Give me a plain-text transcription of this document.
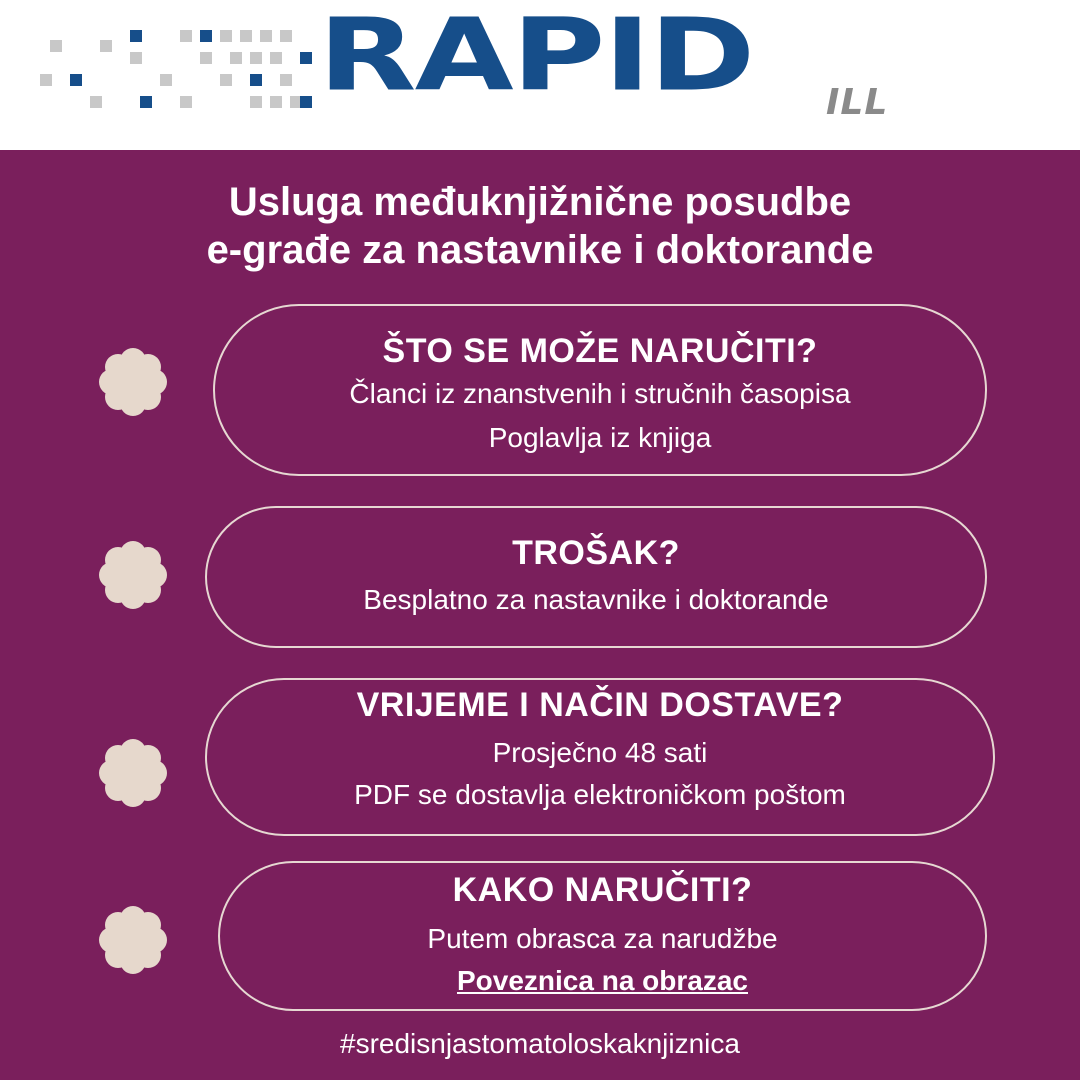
RAPID ILL
Usluga međuknjižnične posudbe
e-građe za nastavnike i doktorande
ŠTO SE MOŽE NARUČITI?
Članci iz znanstvenih i stručnih časopisa
Poglavlja iz knjiga
TROŠAK?
Besplatno za nastavnike i doktorande
VRIJEME I NAČIN DOSTAVE?
Prosječno 48 sati
PDF se dostavlja elektroničkom poštom
KAKO NARUČITI?
Putem obrasca za narudžbe
Poveznica na obrazac
#sredisnjastomatoloskaknjiznica
